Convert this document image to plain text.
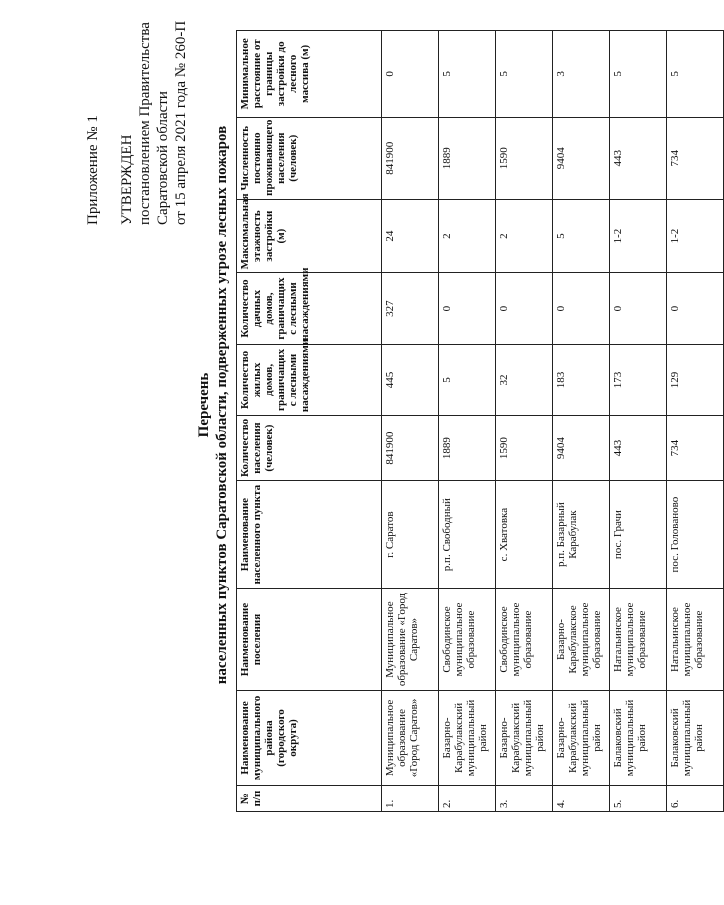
Приложение № 1 УТВЕРЖДЕН постановлением Правительства Саратовской области от 15 апреля 2021 года № 260-П
Перечень населенных пунктов Саратовской области, подверженных угрозе лесных пожаров
№ п/п	Наименование муниципального района (городского округа)	Наименование поселения	Наименование населенного пункта	Количество населения (человек)	Количество жилых домов, граничащих с лесными насаждениями	Количество дачных домов, граничащих с лесными насаждениями	Максимальная этажность застройки (м)	Численность постоянно проживающего населения (человек)	Минимальное расстояние от границы застройки до лесного массива (м)
1.	Муниципальное образование «Город Саратов»	Муниципальное образование «Город Саратов»	г. Саратов	841900	445	327	24	841900	0
2.	Базарно-Карабулакский муниципальный район	Свободинское муниципальное образование	р.п. Свободный	1889	5	0	2	1889	5
3.	Базарно-Карабулакский муниципальный район	Свободинское муниципальное образование	с. Хватовка	1590	32	0	2	1590	5
4.	Базарно-Карабулакский муниципальный район	Базарно-Карабулакское муниципальное образование	р.п. Базарный Карабулак	9404	183	0	5	9404	3
5.	Балаковский муниципальный район	Натальинское муниципальное образование	пос. Грачи	443	173	0	1-2	443	5
6.	Балаковский муниципальный район	Натальинское муниципальное образование	пос. Голованово	734	129	0	1-2	734	5
